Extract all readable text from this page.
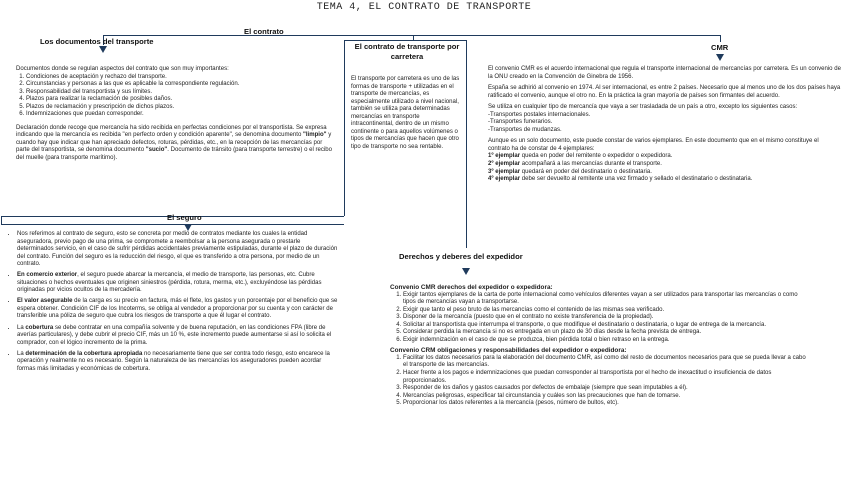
TEMA 4, EL CONTRATO DE TRANSPORTE
El contrato
Los documentos del transporte

Documentos donde se regulan aspectos del contrato que son muy importantes:

1. Condiciones de aceptación y rechazo del transporte.
2. Circunstancias y personas a las que es aplicable la correspondiente regulación.
3. Responsabilidad del transportista y sus límites.
4. Plazos para realizar la reclamación de posibles daños.
5. Plazos de reclamación y prescripción de dichos plazos.
6. Indemnizaciones que puedan corresponder.

Declaración donde recoge que mercancía ha sido recibida en perfectas condiciones por el transportista. Se expresa indicando que la mercancía es recibida "en perfecto orden y condición aparente", se denomina documento "limpio" y cuando hay que indicar que han apreciado defectos, roturas, pérdidas, etc., en la recepción de las mercancías por parte del transportista, se denomina documento "sucio". Documento de tránsito (para transporte terrestre) o el recibo del muelle (para transporte marítimo).

El seguro
• Nos referimos al contrato de seguro, esto se concreta por medio de contratos mediante los cuales la entidad aseguradora, previo pago de una prima, se compromete a reembolsar a la persona asegurada o prestarle determinados servicio, en el caso de sufrir pérdidas accidentales previamente estipuladas, durante el plazo de duración del contrato. Función del seguro es la reducción del riesgo, el que es transferido a otra persona, por medio de un contrato.
• En comercio exterior, el seguro puede abarcar la mercancía, el medio de transporte, las personas, etc. Cubre situaciones o hechos eventuales que originen siniestros (pérdida, rotura, merma, etc.), excluyéndose las pérdidas originadas por vicios ocultos de la mercadería.
• El valor asegurable de la carga es su precio en factura, más el flete, los gastos y un porcentaje por el beneficio que se espera obtener. Condición CIF de los Incoterms, se obliga al vendedor a proporcionar por su cuenta y con carácter de transferible una póliza de seguro que cubra los riesgos de transporte a que él lugar el contrato.
• La cobertura se debe contratar en una compañía solvente y de buena reputación, en las condiciones FPA (libre de averías particulares), y debe cubrir el precio CIF, más un 10 %, este incremento puede aumentarse si así lo solicita el comprador, con el lógico incremento de la prima.
• La determinación de la cobertura apropiada no necesariamente tiene que ser contra todo riesgo, esto encarece la operación y realmente no es necesario. Según la naturaleza de las mercancías los aseguradores pueden acordar formas más limitadas y económicas de cobertura.
El contrato de transporte por carretera
El transporte por carretera es uno de las formas de transporte + utilizadas en el transporte de mercancías, es especialmente utilizado a nivel nacional, también se utiliza para determinadas mercancías en transporte intracontinental, dentro de un mismo continente o para aquellos volúmenes o tipos de mercancías que hacen que otro tipo de transporte no sea rentable.
CMR

El convenio CMR es el acuerdo internacional que regula el transporte internacional de mercancías por carretera. Es un convenio de la ONU creado en la Convención de Ginebra de 1956.

España se adhirió al convenio en 1974. Al ser internacional, es entre 2 países. Necesario que al menos uno de los dos países haya ratificado el convenio, aunque el otro no. En la práctica la gran mayoría de países son firmantes del acuerdo.

Se utiliza en cualquier tipo de mercancía que vaya a ser trasladada de un país a otro, excepto los siguientes casos:

-Transportes postales internacionales.
-Transportes funerarios.
-Transportes de mudanzas.

Aunque es un solo documento, este puede constar de varios ejemplares. En este documento que en el mismo constituye el contrato ha de constar de 4 ejemplares:

1º ejemplar queda en poder del remitente o expedidor o expedidora.
2º ejemplar acompañará a las mercancías durante el transporte.
3º ejemplar quedará en poder del destinatario o destinataria.
4º ejemplar debe ser devuelto al remitente una vez firmado y sellado el destinatario o destinataria.
Derechos y deberes del expedidor
Convenio CMR derechos del expedidor o expedidora:
1. Exigir tantos ejemplares de la carta de porte internacional como vehículos diferentes vayan a ser utilizados para transportar las mercancías o como tipos de mercancías vayan a transportarse.
2. Exigir que tanto el peso bruto de las mercancías como el contenido de las mismas sea verificado.
3. Disponer de la mercancía (puesto que en el contrato no existe transferencia de la propiedad).
4. Solicitar al transportista que interrumpa el transporte, o que modifique el destinatario o destinataria, o lugar de entrega de la mercancía.
5. Considerar perdida la mercancía si no es entregada en un plazo de 30 días desde la fecha prevista de entrega.
6. Exigir indemnización en el caso de que se produzca, bien pérdida total o bien retraso en la entrega.
Convenio CRM obligaciones y responsabilidades del expedidor o expedidora:
1. Facilitar los datos necesarios para la elaboración del documento CMR, así como del resto de documentos necesarios para que se pueda llevar a cabo el transporte de las mercancías.
2. Hacer frente a los pagos e indemnizaciones que puedan corresponder al transportista por el hecho de inexactitud o insuficiencia de datos proporcionados.
3. Responder de los daños y gastos causados por defectos de embalaje (siempre que sean imputables a él).
4. Mercancías peligrosas, especificar tal circunstancia y cuáles son las precauciones que han de tomarse.
5. Proporcionar los datos referentes a la mercancía (pesos, número de bultos, etc).
